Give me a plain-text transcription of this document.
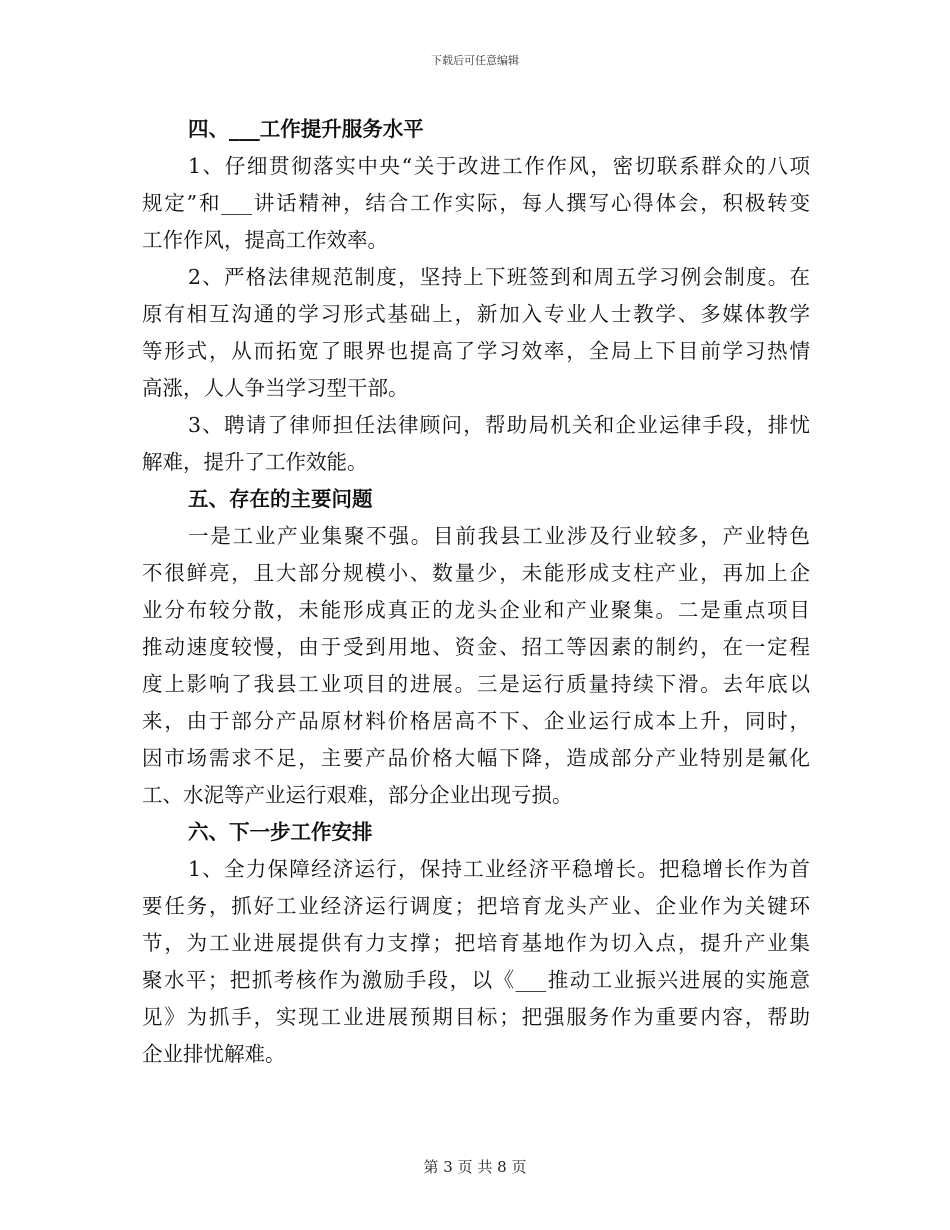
下载后可任意编辑
四、___工作提升服务水平
1、仔细贯彻落实中央“关于改进工作作风，密切联系群众的八项
规定”和___讲话精神，结合工作实际，每人撰写心得体会，积极转变
工作作风，提高工作效率。
2、严格法律规范制度，坚持上下班签到和周五学习例会制度。在
原有相互沟通的学习形式基础上，新加入专业人士教学、多媒体教学
等形式，从而拓宽了眼界也提高了学习效率，全局上下目前学习热情
高涨，人人争当学习型干部。
3、聘请了律师担任法律顾问，帮助局机关和企业运律手段，排忧
解难，提升了工作效能。
五、存在的主要问题
一是工业产业集聚不强。目前我县工业涉及行业较多，产业特色
不很鲜亮，且大部分规模小、数量少，未能形成支柱产业，再加上企
业分布较分散，未能形成真正的龙头企业和产业聚集。二是重点项目
推动速度较慢，由于受到用地、资金、招工等因素的制约，在一定程
度上影响了我县工业项目的进展。三是运行质量持续下滑。去年底以
来，由于部分产品原材料价格居高不下、企业运行成本上升，同时，
因市场需求不足，主要产品价格大幅下降，造成部分产业特别是氟化
工、水泥等产业运行艰难，部分企业出现亏损。
六、下一步工作安排
1、全力保障经济运行，保持工业经济平稳增长。把稳增长作为首
要任务，抓好工业经济运行调度；把培育龙头产业、企业作为关键环
节，为工业进展提供有力支撑；把培育基地作为切入点，提升产业集
聚水平；把抓考核作为激励手段，以《___推动工业振兴进展的实施意
见》为抓手，实现工业进展预期目标；把强服务作为重要内容，帮助
企业排忧解难。
第 3 页 共 8 页
